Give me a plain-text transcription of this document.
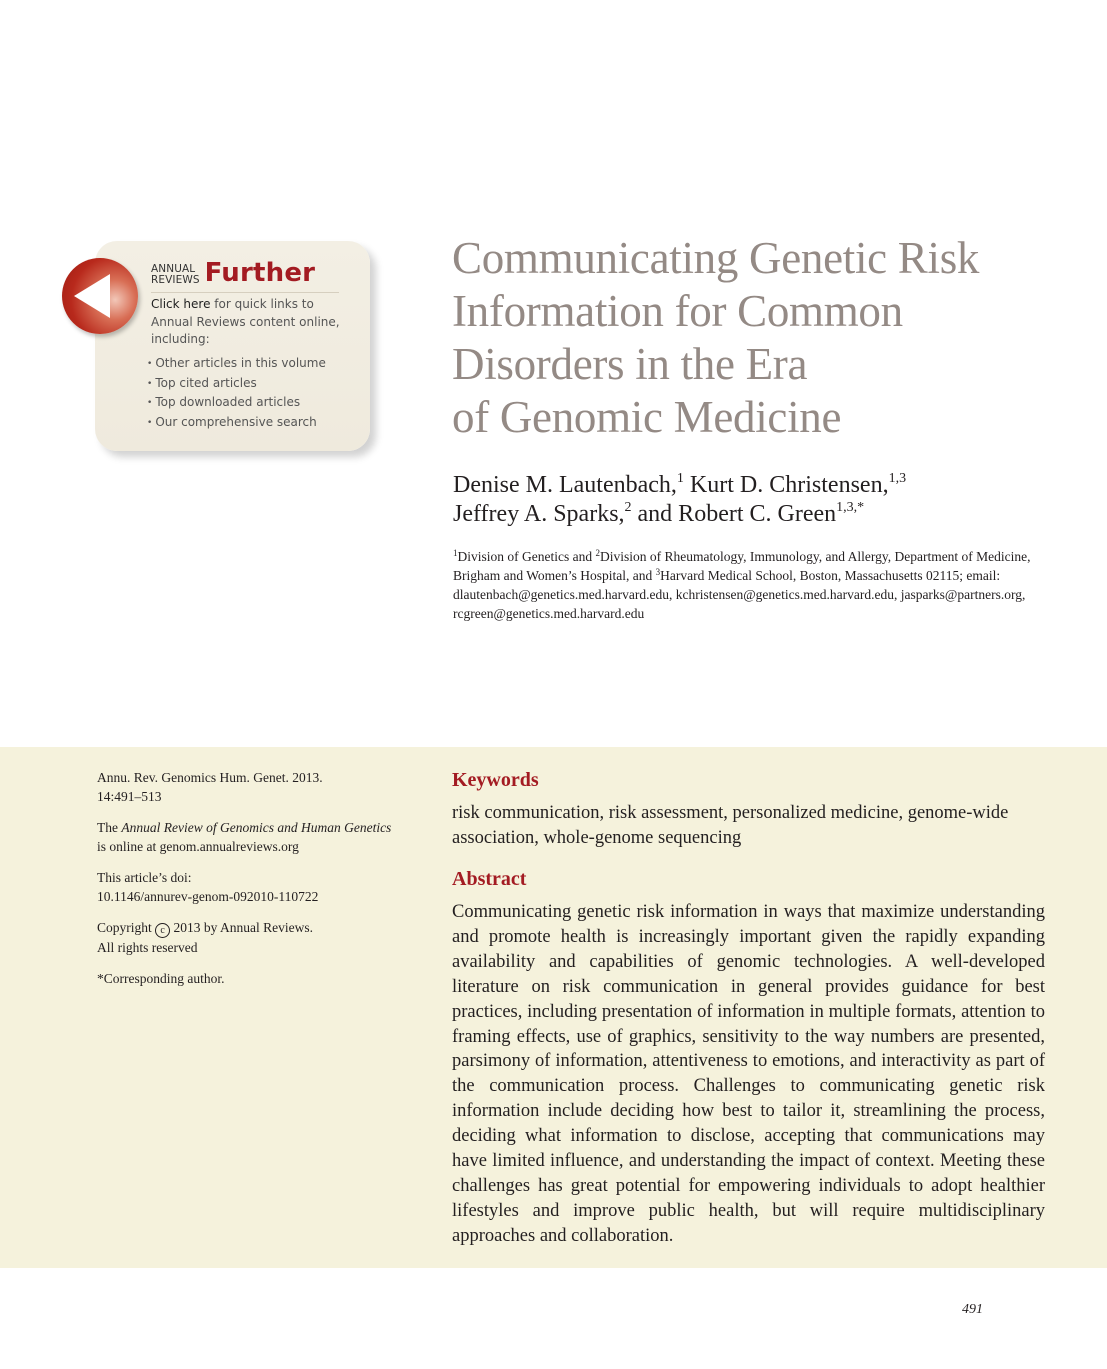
ANNUAL
REVIEWS Further
Click here for quick links to Annual Reviews content online, including:
• Other articles in this volume
• Top cited articles
• Top downloaded articles
• Our comprehensive search
Communicating Genetic Risk
Information for Common
Disorders in the Era
of Genomic Medicine
Denise M. Lautenbach,$^1$ Kurt D. Christensen,$^{1,3}$
Jeffrey A. Sparks,$^2$ and Robert C. Green$^{1,3,*}$
$^1$Division of Genetics and $^2$Division of Rheumatology, Immunology, and Allergy, Department of Medicine, Brigham and Women’s Hospital, and $^3$Harvard Medical School, Boston, Massachusetts 02115; email: dlautenbach@genetics.med.harvard.edu, kchristensen@genetics.med.harvard.edu, jasparks@partners.org, rcgreen@genetics.med.harvard.edu

Annu. Rev. Genomics Hum. Genet. 2013.
14:491–513

The Annual Review of Genomics and Human Genetics
is online at genom.annualreviews.org

This article’s doi:
10.1146/annurev-genom-092010-110722

Copyright c 2013 by Annual Reviews.
All rights reserved

*Corresponding author.

Keywords
risk communication, risk assessment, personalized medicine, genome-wide association, whole-genome sequencing
Abstract

Communicating genetic risk information in ways that maximize understanding and promote health is increasingly important given the rapidly expanding availability and capabilities of genomic technologies. A well-developed literature on risk communication in general provides guidance for best practices, including presentation of information in multiple formats, attention to framing effects, use of graphics, sensitivity to the way numbers are presented, parsimony of information, attentiveness to emotions, and interactivity as part of the communication process. Challenges to communicating genetic risk information include deciding how best to tailor it, streamlining the process, deciding what information to disclose, accepting that communications may have limited influence, and understanding the impact of context. Meeting these challenges has great potential for empowering individuals to adopt healthier lifestyles and improve public health, but will require multidisciplinary approaches and collaboration.

491
